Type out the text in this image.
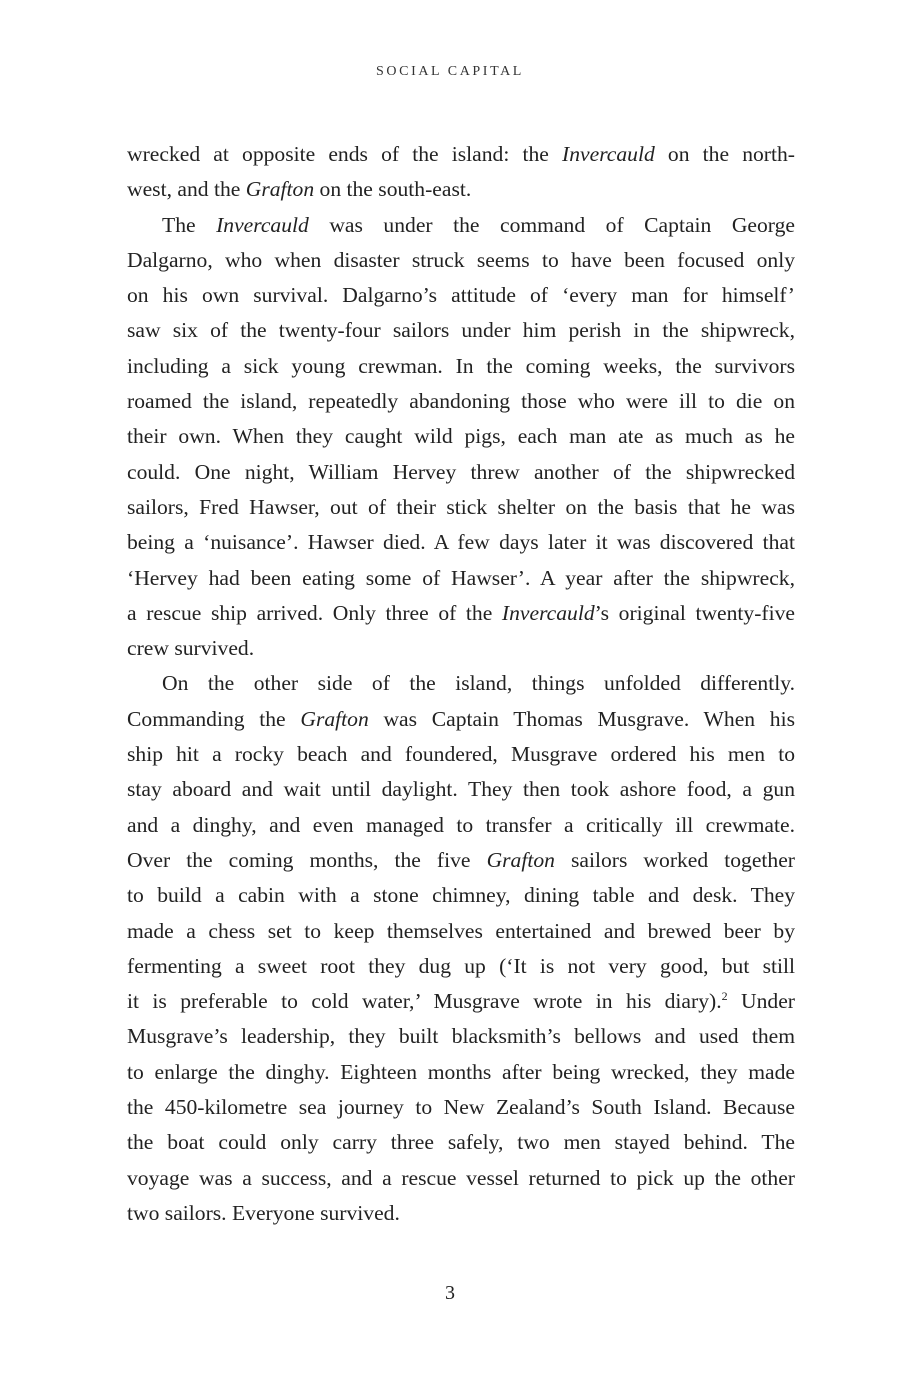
SOCIAL CAPITAL
wrecked at opposite ends of the island: the Invercauld on the north-
west, and the Grafton on the south-east.
The Invercauld was under the command of Captain George
Dalgarno, who when disaster struck seems to have been focused only
on his own survival. Dalgarno’s attitude of ‘every man for himself’
saw six of the twenty-four sailors under him perish in the shipwreck,
including a sick young crewman. In the coming weeks, the survivors
roamed the island, repeatedly abandoning those who were ill to die on
their own. When they caught wild pigs, each man ate as much as he
could. One night, William Hervey threw another of the shipwrecked
sailors, Fred Hawser, out of their stick shelter on the basis that he was
being a ‘nuisance’. Hawser died. A few days later it was discovered that
‘Hervey had been eating some of Hawser’. A year after the shipwreck,
a rescue ship arrived. Only three of the Invercauld’s original twenty-five
crew survived.
On the other side of the island, things unfolded differently.
Commanding the Grafton was Captain Thomas Musgrave. When his
ship hit a rocky beach and foundered, Musgrave ordered his men to
stay aboard and wait until daylight. They then took ashore food, a gun
and a dinghy, and even managed to transfer a critically ill crewmate.
Over the coming months, the five Grafton sailors worked together
to build a cabin with a stone chimney, dining table and desk. They
made a chess set to keep themselves entertained and brewed beer by
fermenting a sweet root they dug up (‘It is not very good, but still
it is preferable to cold water,’ Musgrave wrote in his diary).$^2$ Under
Musgrave’s leadership, they built blacksmith’s bellows and used them
to enlarge the dinghy. Eighteen months after being wrecked, they made
the 450-kilometre sea journey to New Zealand’s South Island. Because
the boat could only carry three safely, two men stayed behind. The
voyage was a success, and a rescue vessel returned to pick up the other
two sailors. Everyone survived.
3
